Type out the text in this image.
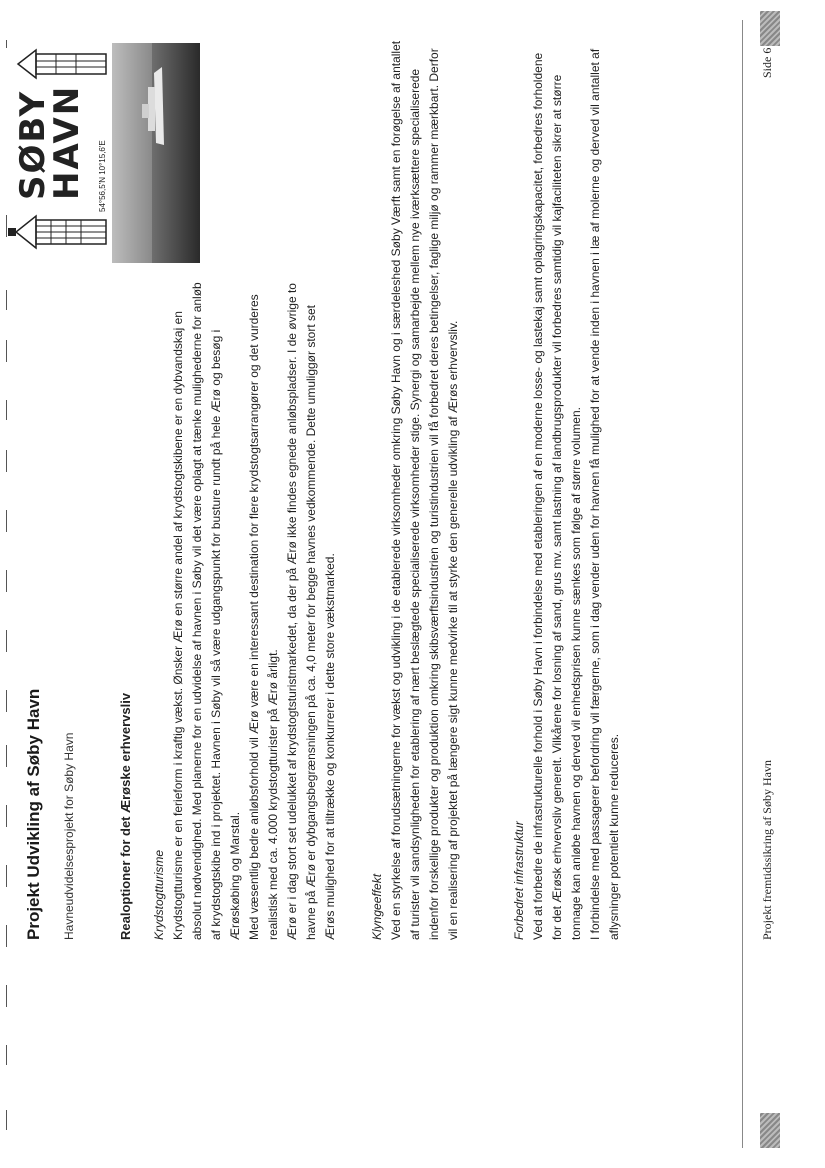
Projekt Udvikling af Søby Havn Havneudvidelsesprojekt for Søby Havn
SØBY
HAVN 54°56,5'N 10°15,6'E
Realoptioner for det Ærøske erhvervsliv Krydstogtturisme Krydstogtturisme er en ferieform i kraftig vækst. Ønsker Ærø en større andel af krydstogtskibene er en dybvandskaj en absolut nødvendighed. Med planerne for en udvidelse af havnen i Søby vil det være oplagt at tænke mulighederne for anløb af krydstogtskibe ind i projektet. Havnen i Søby vil så være udgangspunkt for busture rundt på hele Ærø og besøg i Ærøskøbing og Marstal. Med væsentlig bedre anløbsforhold vil Ærø være en interessant destination for flere krydstogtsarrangører og det vurderes realistisk med ca. 4.000 krydstogtturister på Ærø årligt. Ærø er i dag stort set udelukket af krydstogtsturistmarkedet, da der på Ærø ikke findes egnede anløbspladser. I de øvrige to havne på Ærø er dybgangsbegrænsningen på ca. 4,0 meter for begge havnes vedkommende. Dette umuliggør stort set Ærøs mulighed for at tiltrække og konkurrerer i dette store vækstmarked.	Klyngeeffekt Ved en styrkelse af forudsætningerne for vækst og udvikling i de etablerede virksomheder omkring Søby Havn og i særdeleshed Søby Værft samt en forøgelse af antallet af turister vil sandsynligheden for etablering af nært beslægtede specialiserede virksomheder stige. Synergi og samarbejde mellem nye iværksættere specialiserede indenfor forskellige produkter og produktion omkring skibsværftsindustrien og turistindustrien vil få forbedret deres betingelser, faglige miljø og rammer mærkbart. Derfor vil en realisering af projektet på længere sigt kunne medvirke til at styrke den generelle udvikling af Ærøs erhvervsliv.	Forbedret infrastruktur Ved at forbedre de infrastrukturelle forhold i Søby Havn i forbindelse med etableringen af en moderne losse- og lastekaj samt oplagringskapacitet, forbedres forholdene for det Ærøsk erhvervsliv generelt. Vilkårene for losning af sand, grus mv. samt lastning af landbrugsprodukter vil forbedres samtidig vil kajfaciliteten sikrer at større tonnage kan anløbe havnen og derved vil enhedsprisen kunne sænkes som følge af større volumen. I forbindelse med passagerer befordring vil færgerne, som i dag vender uden for havnen få mulighed for at vende inden i havnen i læ af molerne og derved vil antallet af aflysninger potentielt kunne reduceres.	Projekt fremtidssikring af Søby Havn
Side 6
